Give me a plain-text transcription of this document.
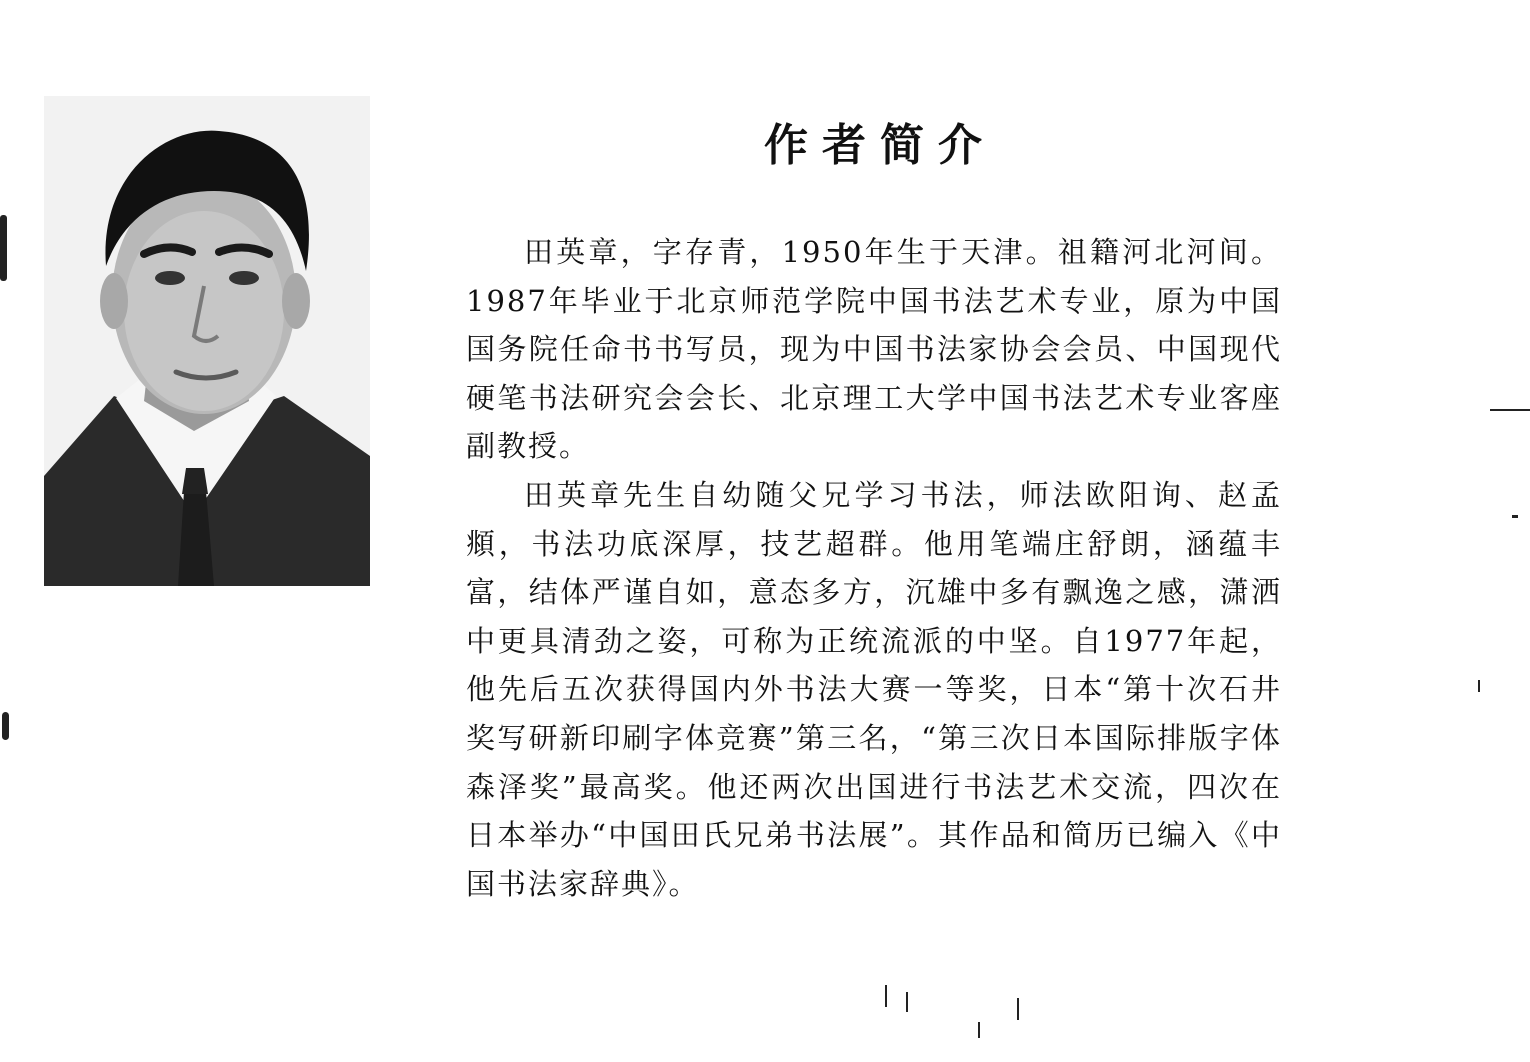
作者简介

田英章，字存青，1950年生于天津。祖籍河北河间。1987年毕业于北京师范学院中国书法艺术专业，原为中国国务院任命书书写员，现为中国书法家协会会员、中国现代硬笔书法研究会会长、北京理工大学中国书法艺术专业客座副教授。

田英章先生自幼随父兄学习书法，师法欧阳询、赵孟頫，书法功底深厚，技艺超群。他用笔端庄舒朗，涵蕴丰富，结体严谨自如，意态多方，沉雄中多有飘逸之感，潇洒中更具清劲之姿，可称为正统流派的中坚。自1977年起，他先后五次获得国内外书法大赛一等奖，日本“第十次石井奖写研新印刷字体竞赛”第三名，“第三次日本国际排版字体森泽奖”最高奖。他还两次出国进行书法艺术交流，四次在日本举办“中国田氏兄弟书法展”。其作品和简历已编入《中国书法家辞典》。
